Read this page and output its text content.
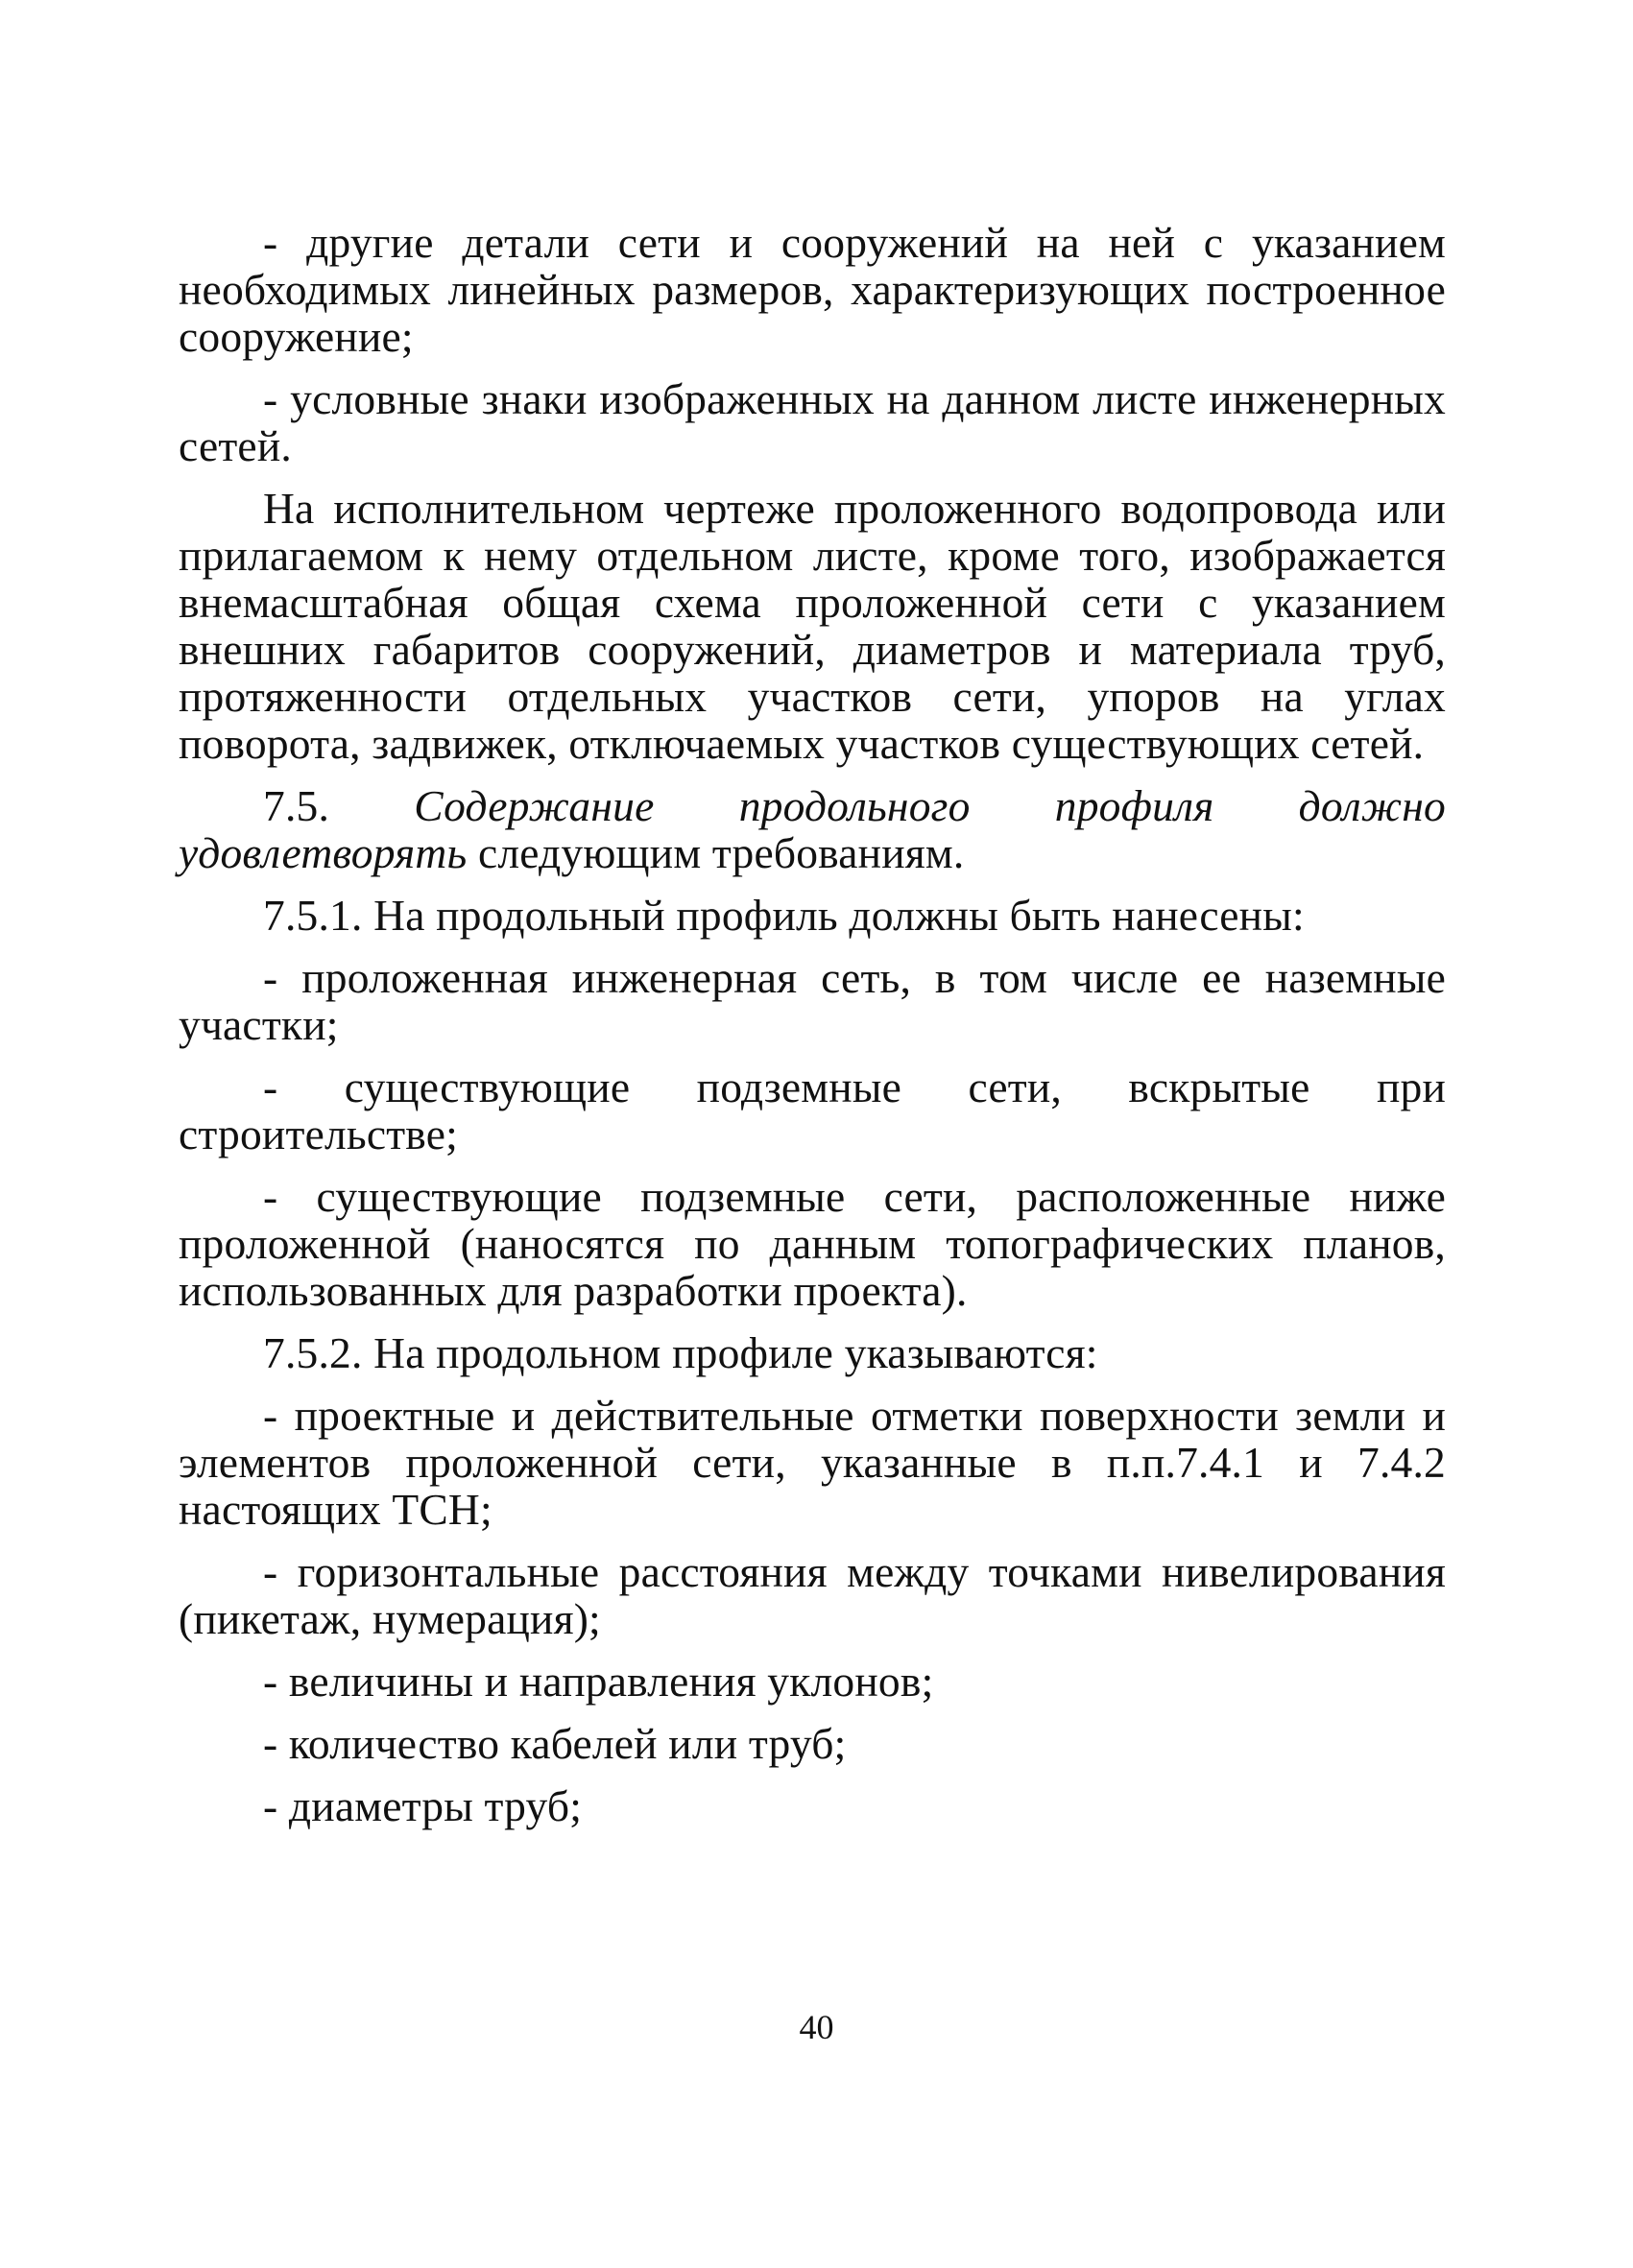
- другие детали сети и сооружений на ней с указанием необходимых линейных размеров, характеризующих построенное сооружение;

- условные знаки изображенных на данном листе инженерных сетей.

На исполнительном чертеже проложенного водопровода или прилагаемом к нему отдельном листе, кроме того, изображается внемасштабная общая схема проложенной сети с указанием внешних габаритов сооружений, диаметров и материала труб, протяженности отдельных участков сети, упоров на углах поворота, задвижек, отключаемых участков существующих сетей.

7.5. Содержание продольного профиля должно удовлетворять следующим требованиям.

7.5.1. На продольный профиль должны быть нанесены:

- проложенная инженерная сеть, в том числе ее наземные участки;

- существующие подземные сети, вскрытые при строительстве;

- существующие подземные сети, расположенные ниже проложенной (наносятся по данным топографических планов, использованных для разработки проекта).

7.5.2. На продольном профиле указываются:

- проектные и действительные отметки поверхности земли и элементов проложенной сети, указанные в п.п.7.4.1 и 7.4.2 настоящих ТСН;

- горизонтальные расстояния между точками нивелирования (пикетаж, нумерация);

- величины и направления уклонов;

- количество кабелей или труб;

- диаметры труб;

40
